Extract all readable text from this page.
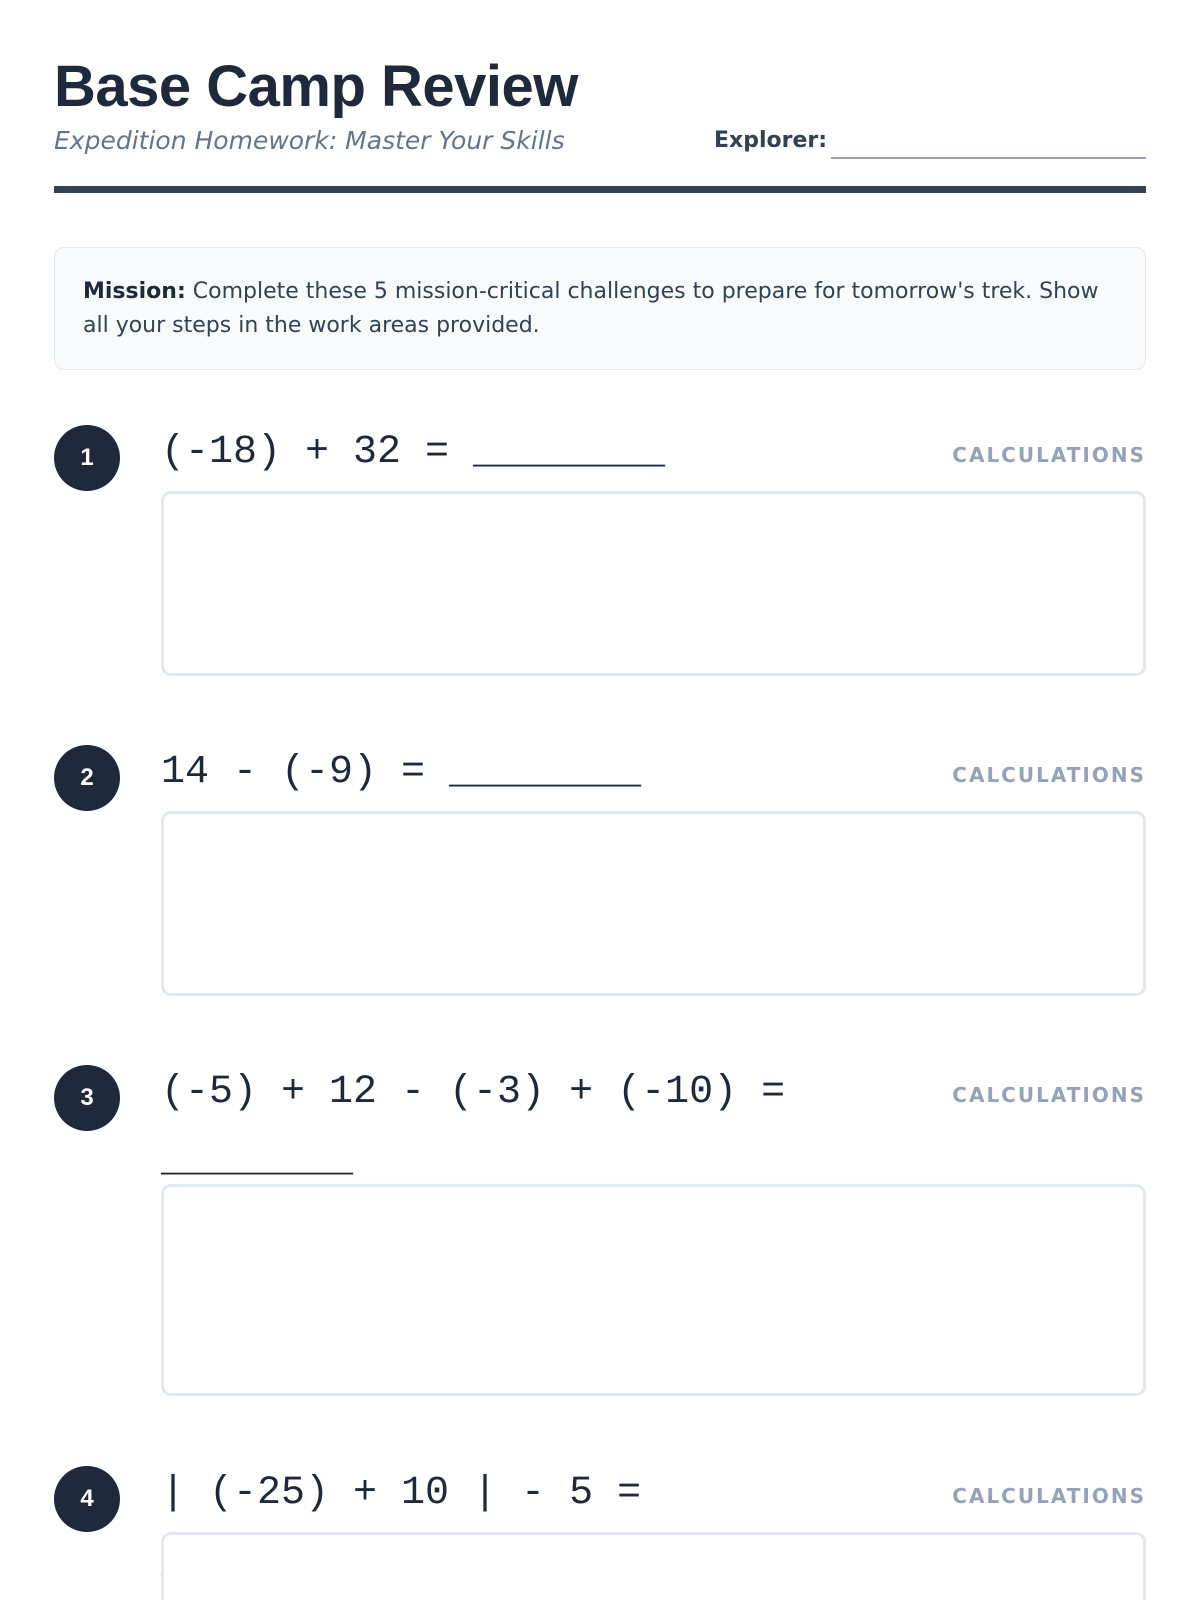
Base Camp Review
Expedition Homework: Master Your Skills	Explorer:
Mission: Complete these 5 mission-critical challenges to prepare for tomorrow's trek. Show all your steps in the work areas provided.
1	(-18) + 32 = ________	CALCULATIONS
2	14 - (-9) = ________	CALCULATIONS
3	(-5) + 12 - (-3) + (-10) = ________
CALCULATIONS
4	| (-25) + 10 | - 5 =	CALCULATIONS
